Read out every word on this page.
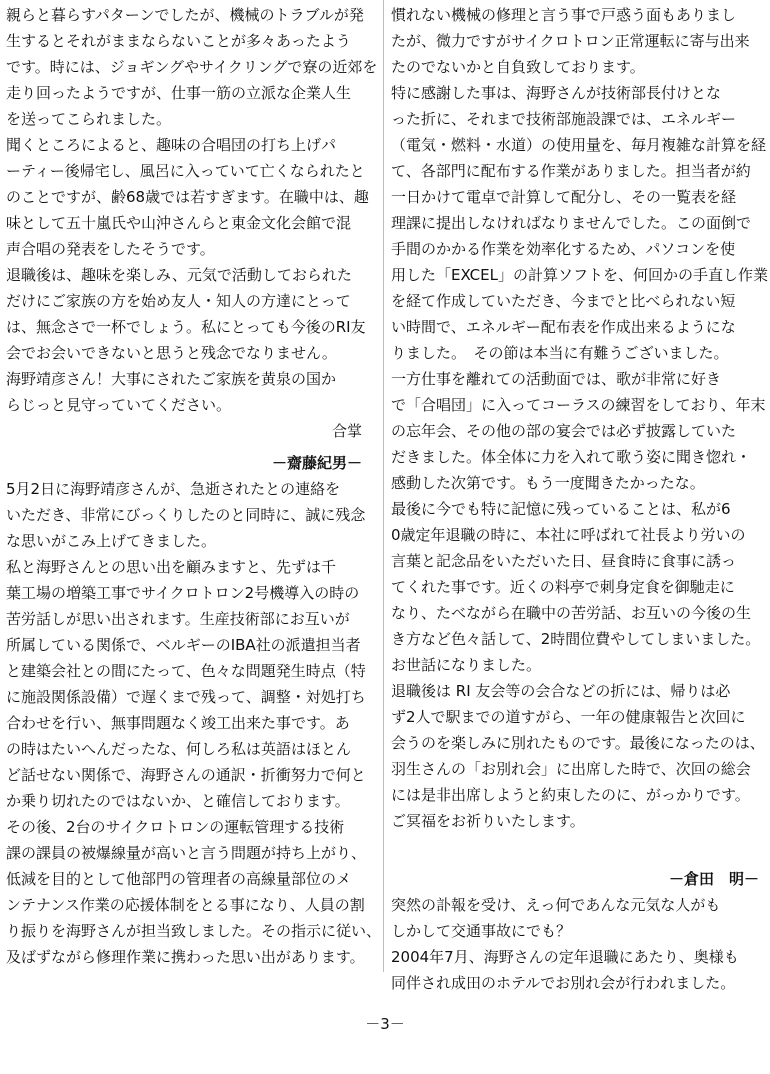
親らと暮らすパターンでしたが、機械のトラブルが発
生するとそれがままならないことが多々あったよう
です。時には、ジョギングやサイクリングで寮の近郊を
走り回ったようですが、仕事一筋の立派な企業人生
を送ってこられました。
聞くところによると、趣味の合唱団の打ち上げパ
ーティー後帰宅し、風呂に入っていて亡くなられたと
のことですが、齢68歳では若すぎます。在職中は、趣
味として五十嵐氏や山沖さんらと東金文化会館で混
声合唱の発表をしたそうです。
退職後は、趣味を楽しみ、元気で活動しておられた
だけにご家族の方を始め友人・知人の方達にとって
は、無念さで一杯でしょう。私にとっても今後のRI友
会でお会いできないと思うと残念でなりません。
海野靖彦さん！大事にされたご家族を黄泉の国か
らじっと見守っていてください。
合掌
－齋藤紀男－
5月2日に海野靖彦さんが、急逝されたとの連絡を
いただき、非常にびっくりしたのと同時に、誠に残念
な思いがこみ上げてきました。
私と海野さんとの思い出を顧みますと、先ずは千
葉工場の増築工事でサイクロトロン2号機導入の時の
苦労話しが思い出されます。生産技術部にお互いが
所属している関係で、ベルギーのIBA社の派遣担当者
と建築会社との間にたって、色々な問題発生時点（特
に施設関係設備）で遅くまで残って、調整・対処打ち
合わせを行い、無事問題なく竣工出来た事です。あ
の時はたいへんだったな、何しろ私は英語はほとん
ど話せない関係で、海野さんの通訳・折衝努力で何と
か乗り切れたのではないか、と確信しております。
その後、2台のサイクロトロンの運転管理する技術
課の課員の被爆線量が高いと言う問題が持ち上がり、
低減を目的として他部門の管理者の高線量部位のメ
ンテナンス作業の応援体制をとる事になり、人員の割
り振りを海野さんが担当致しました。その指示に従い、
及ばずながら修理作業に携わった思い出があります。
慣れない機械の修理と言う事で戸惑う面もありまし
たが、微力ですがサイクロトロン正常運転に寄与出来
たのでないかと自負致しております。
特に感謝した事は、海野さんが技術部長付けとな
った折に、それまで技術部施設課では、エネルギー
（電気・燃料・水道）の使用量を、毎月複雑な計算を経
て、各部門に配布する作業がありました。担当者が約
一日かけて電卓で計算して配分し、その一覧表を経
理課に提出しなければなりませんでした。この面倒で
手間のかかる作業を効率化するため、パソコンを使
用した「EXCEL」の計算ソフトを、何回かの手直し作業
を経て作成していただき、今までと比べられない短
い時間で、エネルギー配布表を作成出来るようにな
りました。　その節は本当に有難うございました。
一方仕事を離れての活動面では、歌が非常に好き
で「合唱団」に入ってコーラスの練習をしており、年末
の忘年会、その他の部の宴会では必ず披露していた
だきました。体全体に力を入れて歌う姿に聞き惚れ・
感動した次第です。もう一度聞きたかったな。
最後に今でも特に記憶に残っていることは、私が6
0歳定年退職の時に、本社に呼ばれて社長より労いの
言葉と記念品をいただいた日、昼食時に食事に誘っ
てくれた事です。近くの料亭で刺身定食を御馳走に
なり、たべながら在職中の苦労話、お互いの今後の生
き方など色々話して、2時間位費やしてしまいました。
お世話になりました。
退職後は RI 友会等の会合などの折には、帰りは必
ず2人で駅までの道すがら、一年の健康報告と次回に
会うのを楽しみに別れたものです。最後になったのは、
羽生さんの「お別れ会」に出席した時で、次回の総会
には是非出席しようと約束したのに、がっかりです。
ご冥福をお祈りいたします。
－倉田　明－
突然の訃報を受け、えっ何であんな元気な人がも
しかして交通事故にでも？
2004年7月、海野さんの定年退職にあたり、奥様も
同伴され成田のホテルでお別れ会が行われました。
－3－
